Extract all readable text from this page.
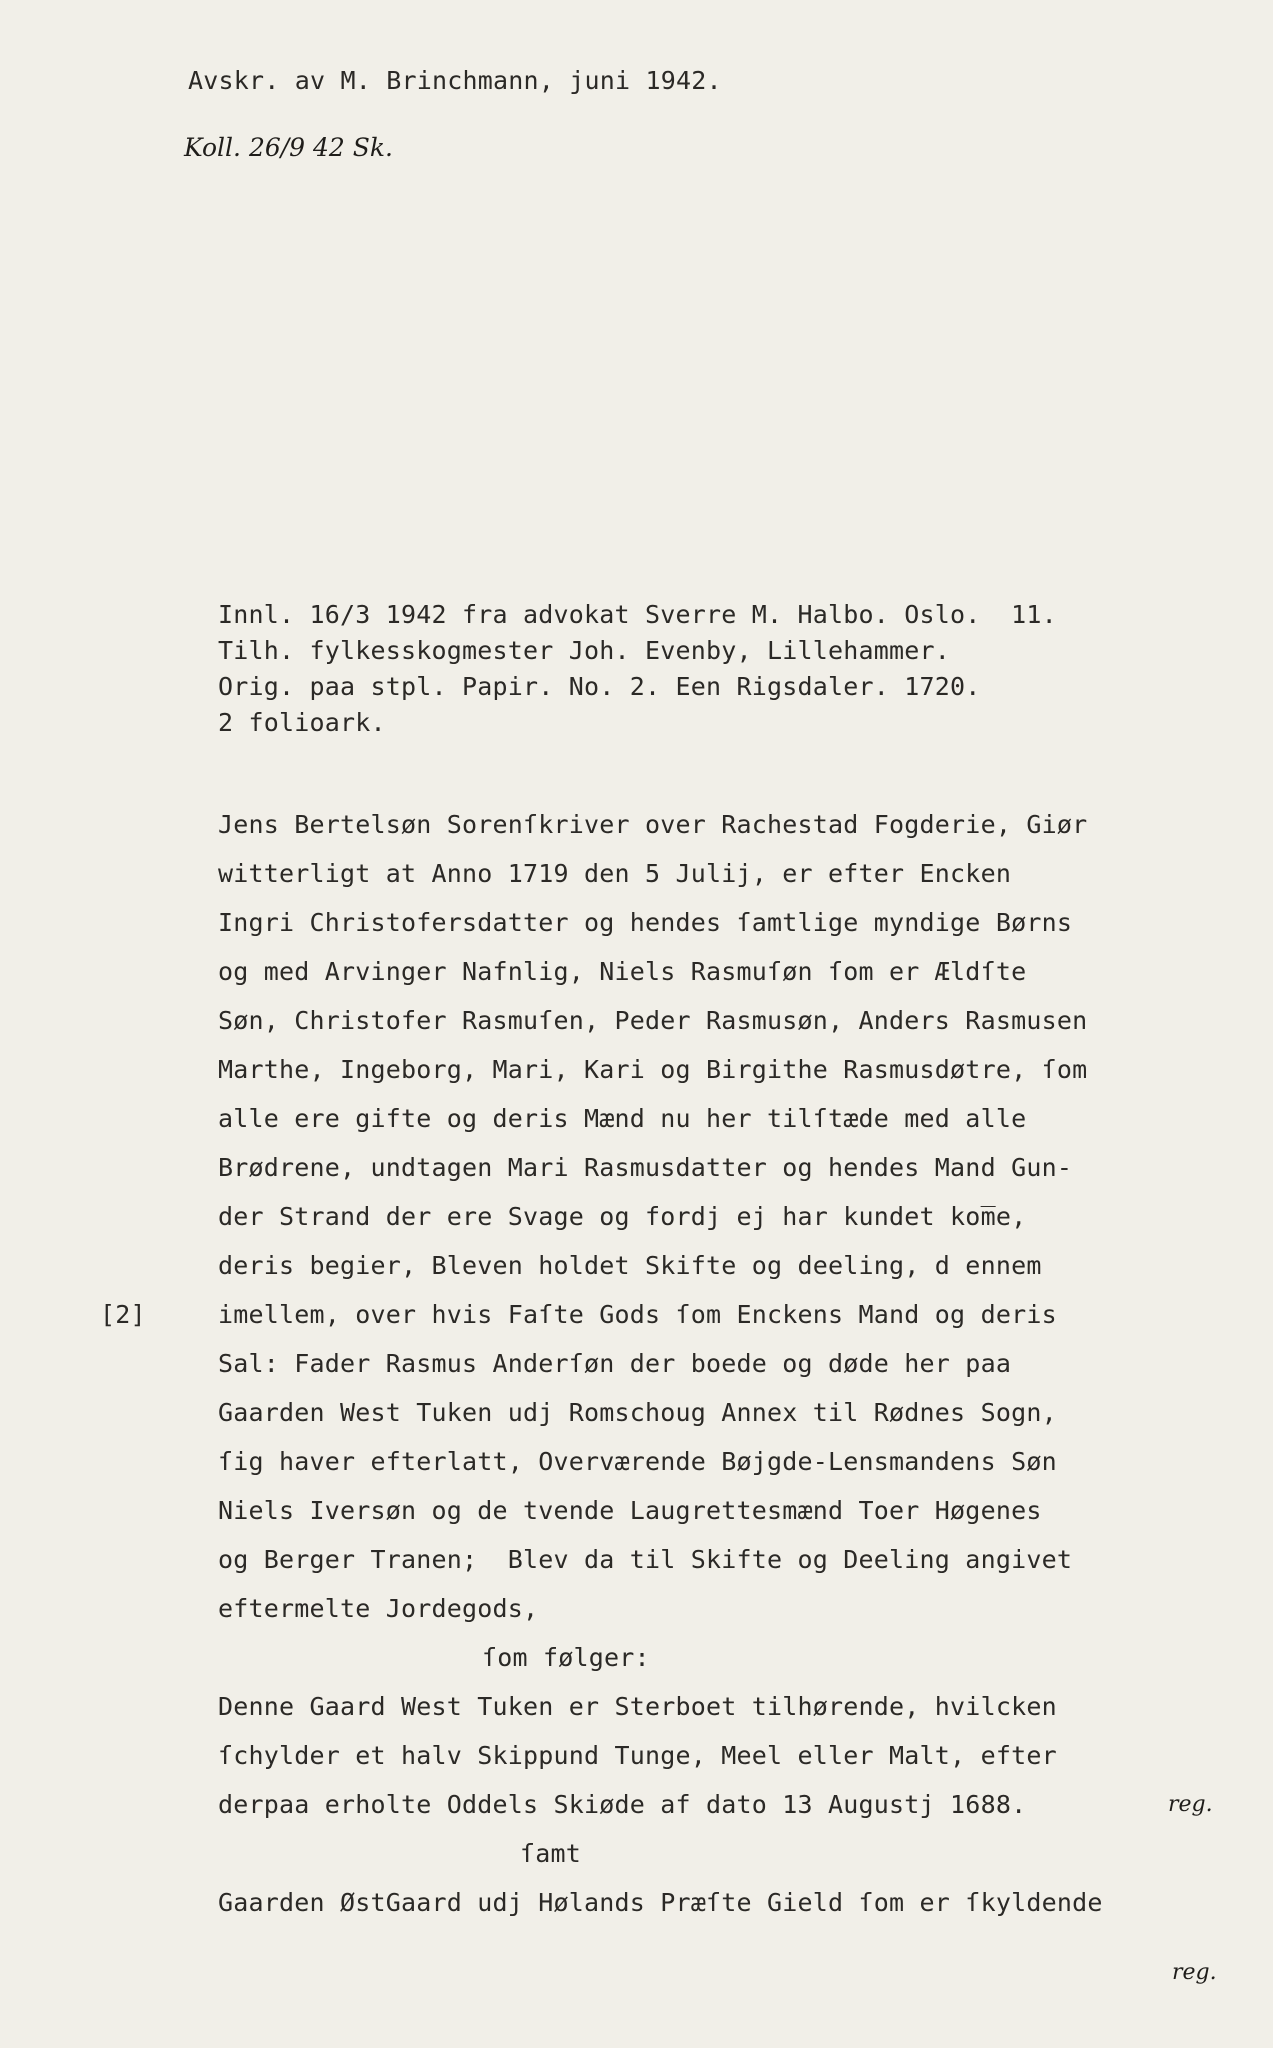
Avskr. av M. Brinchmann, juni 1942.
Koll. 26/9 42 Sk.
Innl. 16/3 1942 fra advokat Sverre M. Halbo. Oslo.  11.
Tilh. fylkesskogmester Joh. Evenby, Lillehammer.
Orig. paa stpl. Papir. No. 2. Een Rigsdaler. 1720.
2 folioark.
Jens Bertelsøn Sorenſkriver over Rachestad Fogderie, Giør
witterligt at Anno 1719 den 5 Julij, er efter Encken
Ingri Christofersdatter og hendes ſamtlige myndige Børns
og med Arvinger Nafnlig, Niels Rasmuſøn ſom er Ældſte
Søn, Christofer Rasmuſen, Peder Rasmusøn, Anders Rasmusen
Marthe, Ingeborg, Mari, Kari og Birgithe Rasmusdøtre, ſom
alle ere gifte og deris Mænd nu her tilſtæde med alle
Brødrene, undtagen Mari Rasmusdatter og hendes Mand Gun-
der Strand der ere Svage og fordj ej har kundet kom̅e,
deris begier, Bleven holdet Skifte og deeling, d ennem
imellem, over hvis Faſte Gods ſom Enckens Mand og deris
Sal: Fader Rasmus Anderſøn der boede og døde her paa
Gaarden West Tuken udj Romschoug Annex til Rødnes Sogn,
ſig haver efterlatt, Overværende Bøjgde-Lensmandens Søn
Niels Iversøn og de tvende Laugrettesmænd Toer Høgenes
og Berger Tranen;  Blev da til Skifte og Deeling angivet
eftermelte Jordegods,
ſom følger:
Denne Gaard West Tuken er Sterboet tilhørende, hvilcken
ſchylder et halv Skippund Tunge, Meel eller Malt, efter
derpaa erholte Oddels Skiøde af dato 13 Augustj 1688.
ſamt
Gaarden ØstGaard udj Hølands Præſte Gield ſom er ſkyldende
[2]
reg.
reg.
